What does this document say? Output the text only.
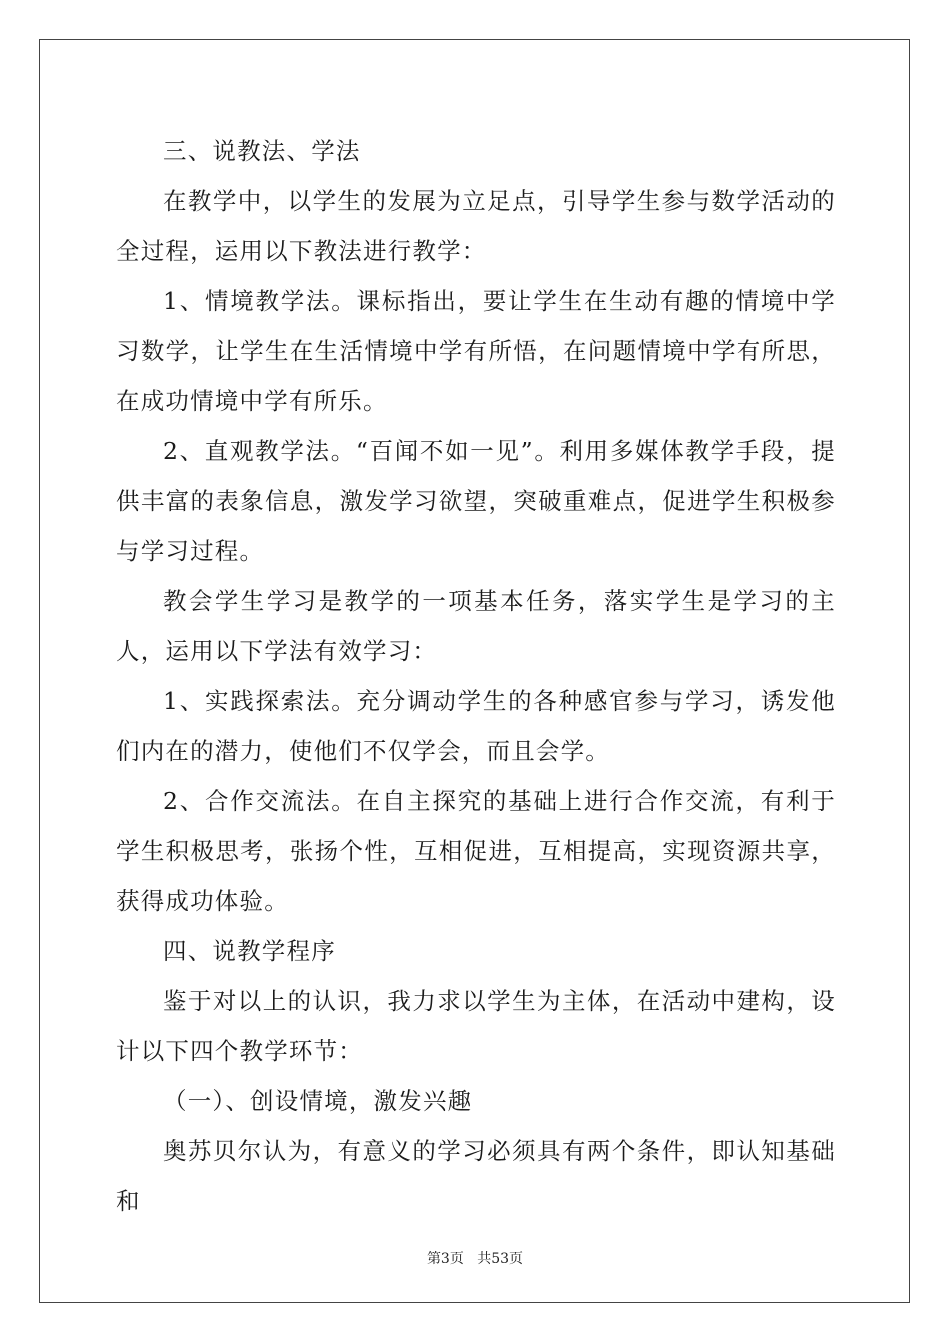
三、说教法、学法

在教学中，以学生的发展为立足点，引导学生参与数学活动的全过程，运用以下教法进行教学：

1、情境教学法。课标指出，要让学生在生动有趣的情境中学习数学，让学生在生活情境中学有所悟，在问题情境中学有所思，在成功情境中学有所乐。

2、直观教学法。“百闻不如一见”。利用多媒体教学手段，提供丰富的表象信息，激发学习欲望，突破重难点，促进学生积极参与学习过程。

教会学生学习是教学的一项基本任务，落实学生是学习的主人，运用以下学法有效学习：

1、实践探索法。充分调动学生的各种感官参与学习，诱发他们内在的潜力，使他们不仅学会，而且会学。

2、合作交流法。在自主探究的基础上进行合作交流，有利于学生积极思考，张扬个性，互相促进，互相提高，实现资源共享，获得成功体验。

四、说教学程序

鉴于对以上的认识，我力求以学生为主体，在活动中建构，设计以下四个教学环节：

（一）、创设情境，激发兴趣

奥苏贝尔认为，有意义的学习必须具有两个条件，即认知基础和

第3页 共53页
